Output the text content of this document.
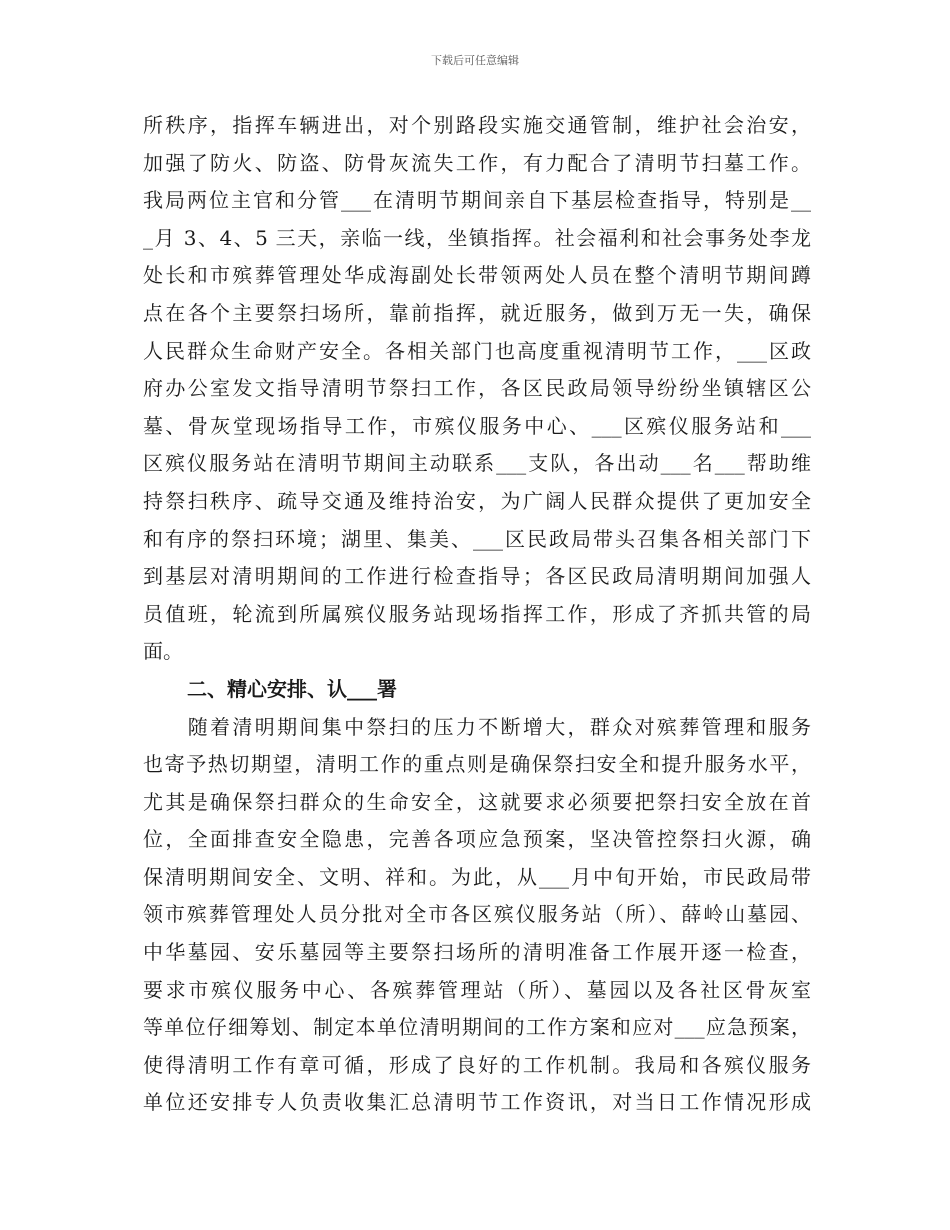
下载后可任意编辑
所秩序，指挥车辆进出，对个别路段实施交通管制，维护社会治安，
加强了防火、防盗、防骨灰流失工作，有力配合了清明节扫墓工作。
我局两位主官和分管___在清明节期间亲自下基层检查指导，特别是__
_月 3、4、5 三天，亲临一线，坐镇指挥。社会福利和社会事务处李龙
处长和市殡葬管理处华成海副处长带领两处人员在整个清明节期间蹲
点在各个主要祭扫场所，靠前指挥，就近服务，做到万无一失，确保
人民群众生命财产安全。各相关部门也高度重视清明节工作，___区政
府办公室发文指导清明节祭扫工作，各区民政局领导纷纷坐镇辖区公
墓、骨灰堂现场指导工作，市殡仪服务中心、___区殡仪服务站和___
区殡仪服务站在清明节期间主动联系___支队，各出动___名___帮助维
持祭扫秩序、疏导交通及维持治安，为广阔人民群众提供了更加安全
和有序的祭扫环境；湖里、集美、___区民政局带头召集各相关部门下
到基层对清明期间的工作进行检查指导；各区民政局清明期间加强人
员值班，轮流到所属殡仪服务站现场指挥工作，形成了齐抓共管的局
面。
二、精心安排、认___署
　　随着清明期间集中祭扫的压力不断增大，群众对殡葬管理和服务
也寄予热切期望，清明工作的重点则是确保祭扫安全和提升服务水平，
尤其是确保祭扫群众的生命安全，这就要求必须要把祭扫安全放在首
位，全面排查安全隐患，完善各项应急预案，坚决管控祭扫火源，确
保清明期间安全、文明、祥和。为此，从___月中旬开始，市民政局带
领市殡葬管理处人员分批对全市各区殡仪服务站（所）、薛岭山墓园、
中华墓园、安乐墓园等主要祭扫场所的清明准备工作展开逐一检查，
要求市殡仪服务中心、各殡葬管理站（所）、墓园以及各社区骨灰室
等单位仔细筹划、制定本单位清明期间的工作方案和应对___应急预案，
使得清明工作有章可循，形成了良好的工作机制。我局和各殡仪服务
单位还安排专人负责收集汇总清明节工作资讯，对当日工作情况形成
